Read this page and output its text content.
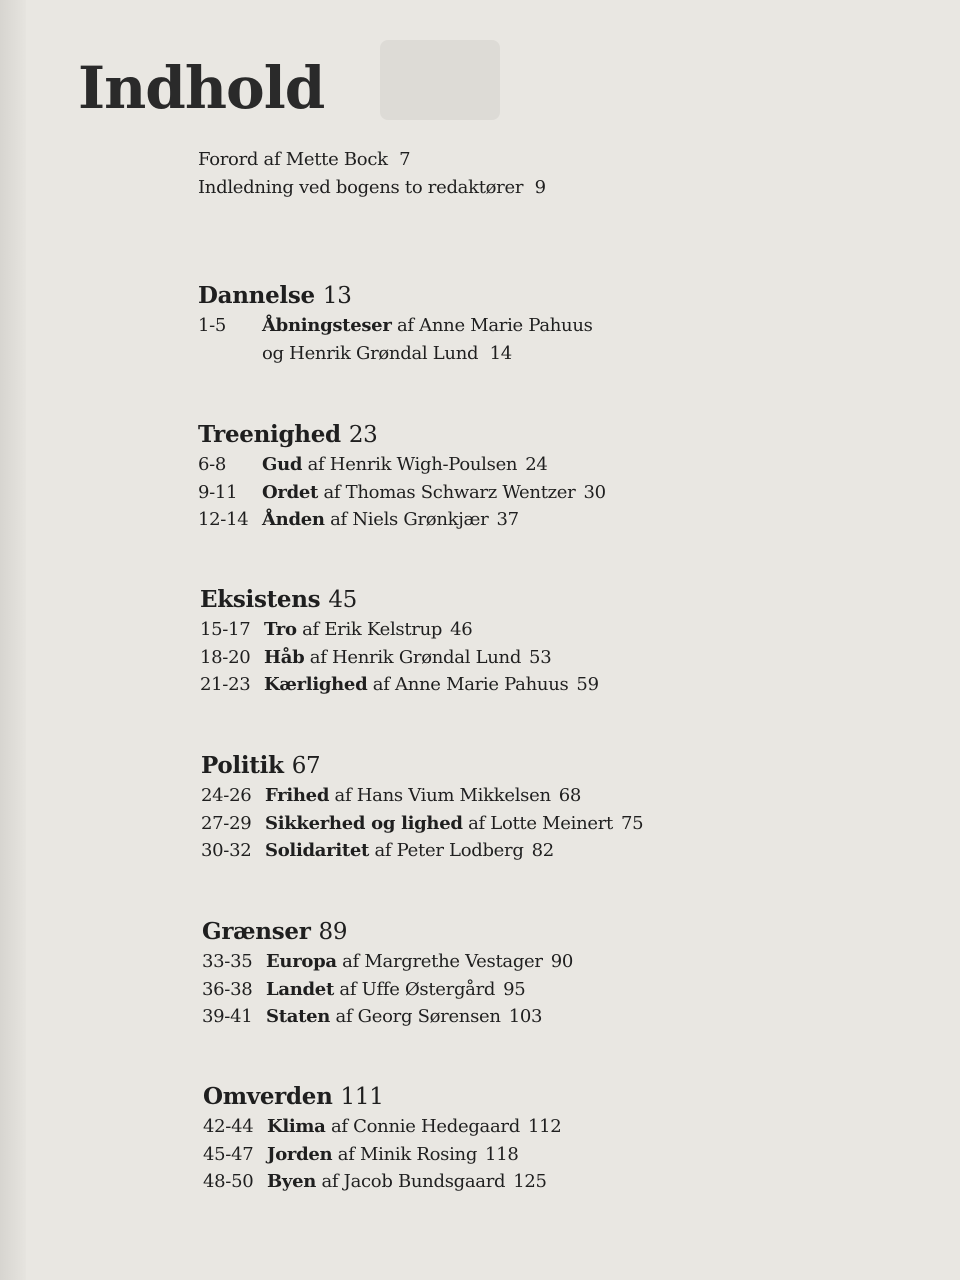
Indhold
Forord af Mette Bock 7
Indledning ved bogens to redaktører 9
Dannelse 13
1-5	Åbningsteser af Anne Marie Pahuus
og Henrik Grøndal Lund 14
Treenighed 23
6-8	Gud af Henrik Wigh-Poulsen 24
9-11	Ordet af Thomas Schwarz Wentzer 30
12-14 Ånden af Niels Grønkjær 37
Eksistens 45
15-17 Tro af Erik Kelstrup 46
18-20 Håb af Henrik Grøndal Lund 53
21-23 Kærlighed af Anne Marie Pahuus 59
Politik 67
24-26 Frihed af Hans Vium Mikkelsen 68
27-29 Sikkerhed og lighed af Lotte Meinert 75
30-32 Solidaritet af Peter Lodberg 82
Grænser 89
33-35 Europa af Margrethe Vestager 90
36-38 Landet af Uffe Østergård 95
39-41 Staten af Georg Sørensen 103
Omverden 111
42-44 Klima af Connie Hedegaard 112
45-47 Jorden af Minik Rosing 118
48-50 Byen af Jacob Bundsgaard 125
